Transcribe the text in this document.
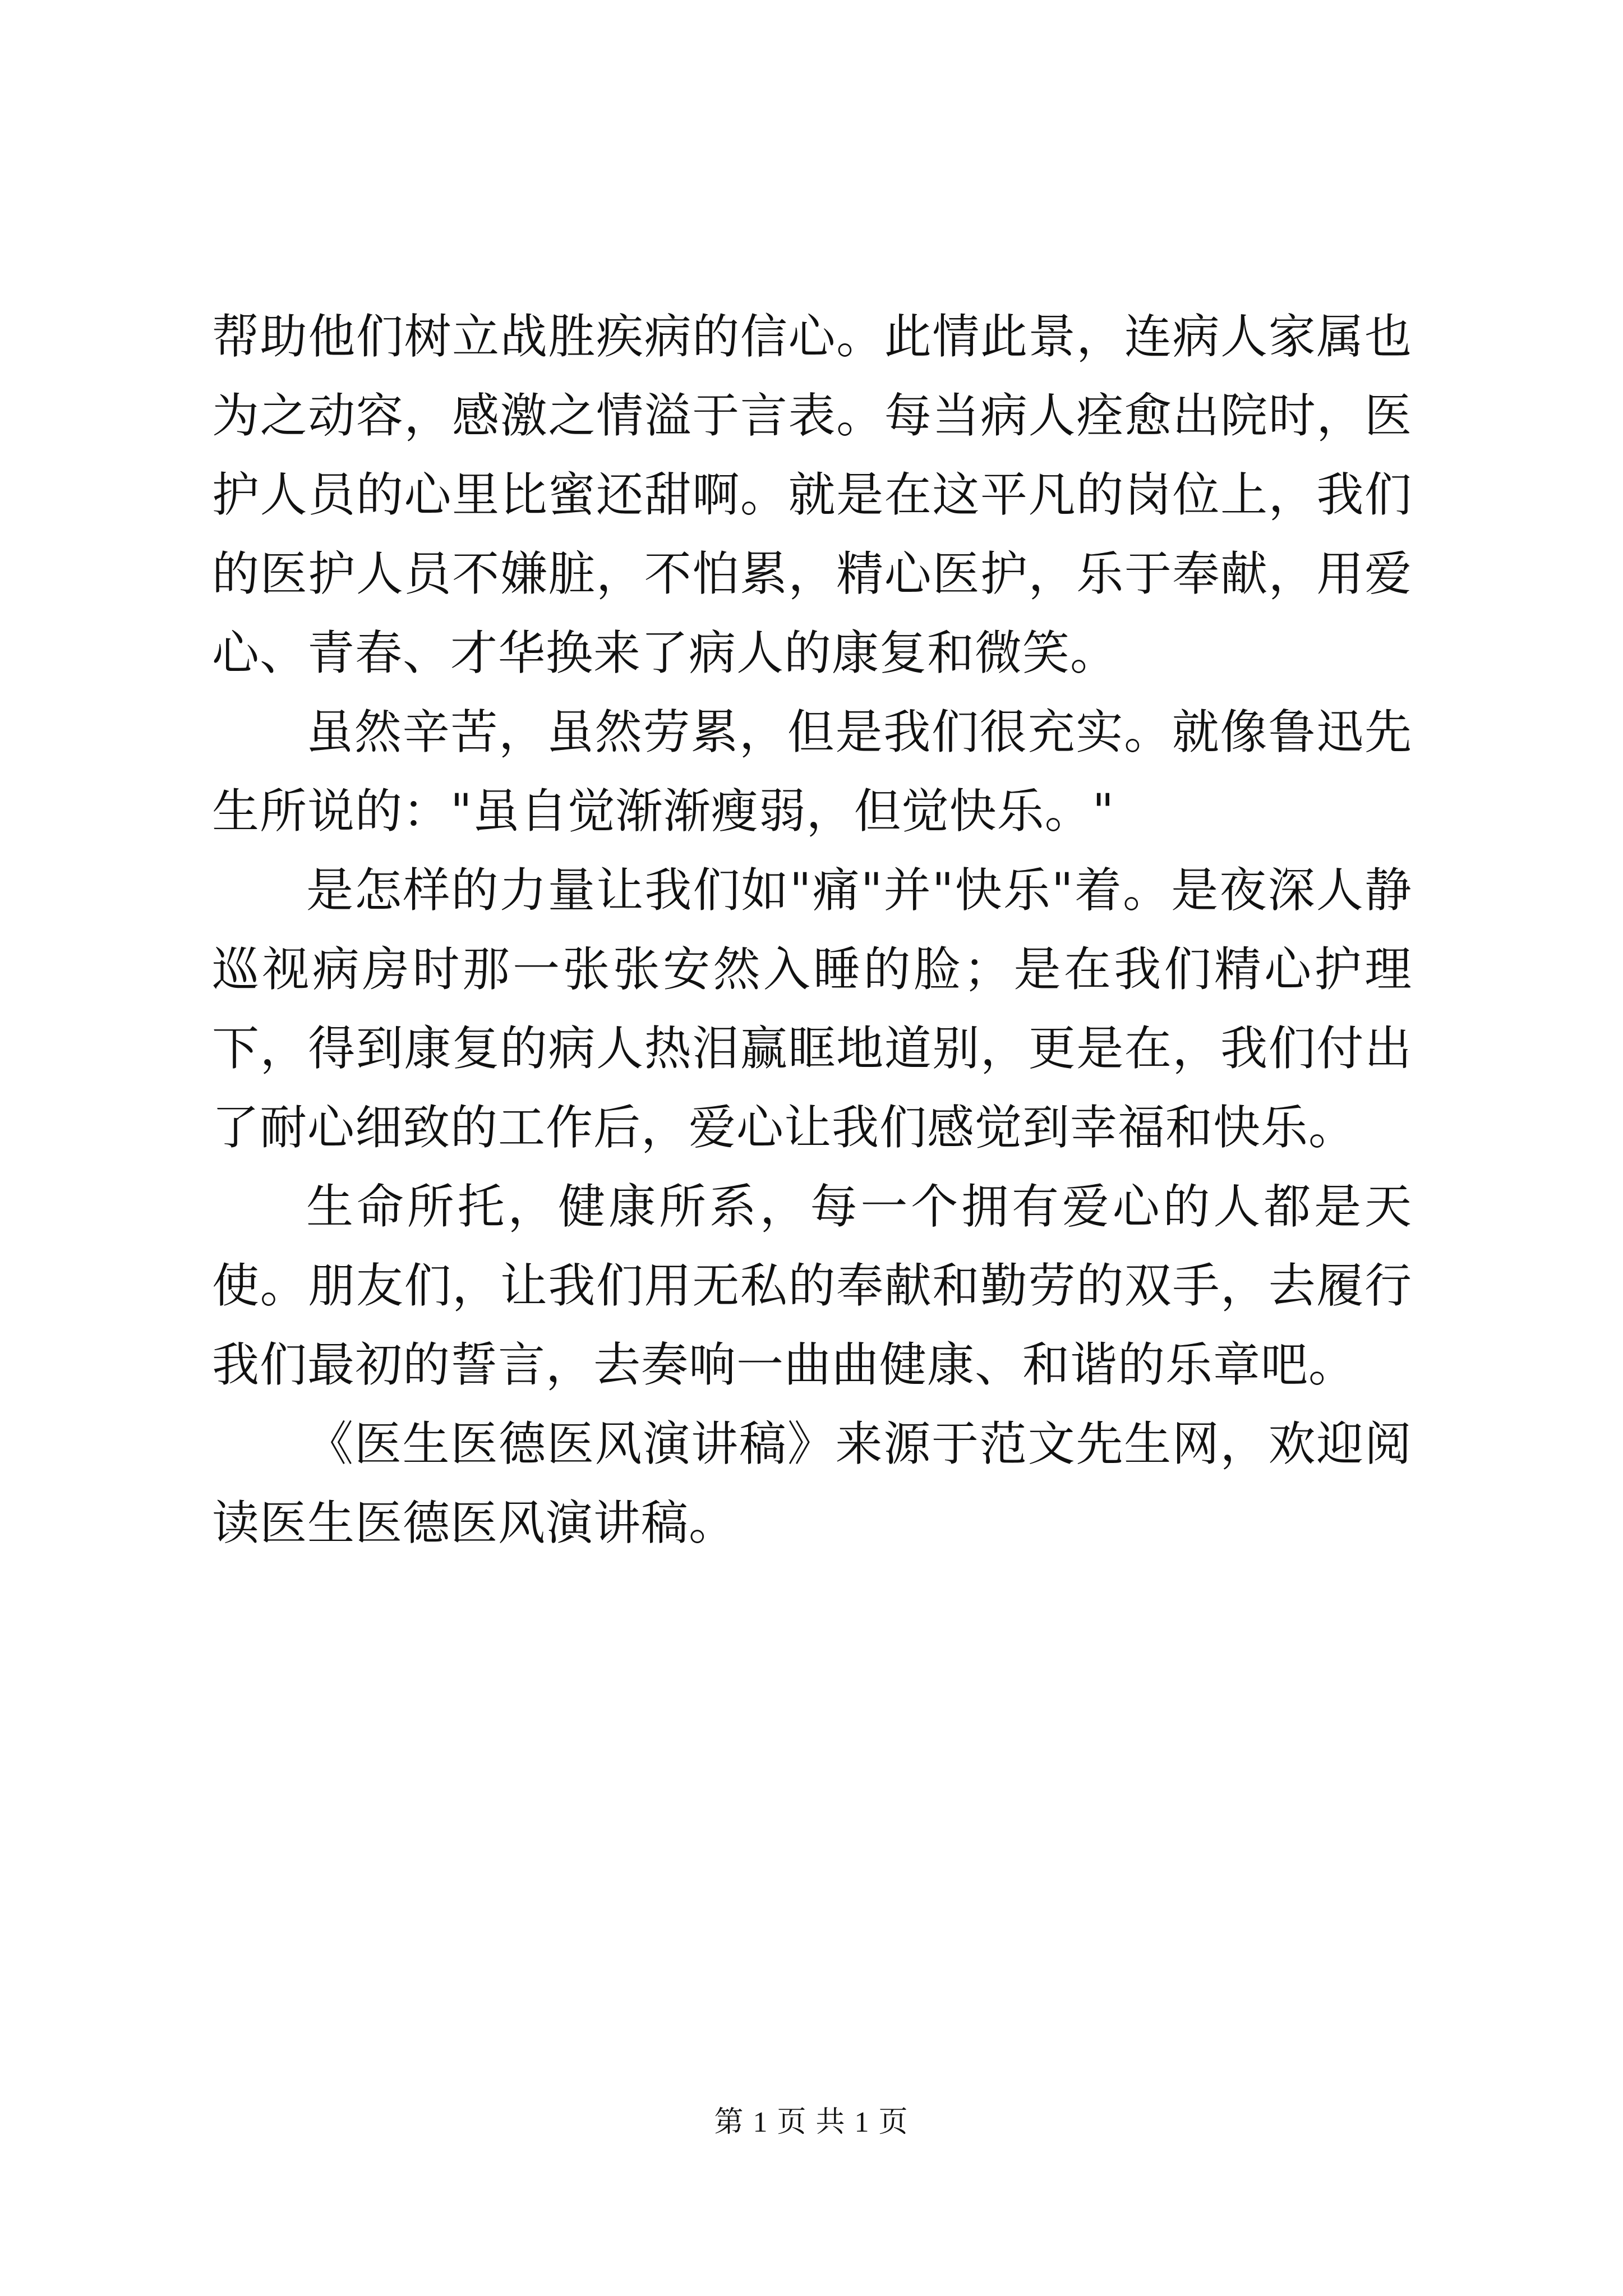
帮助他们树立战胜疾病的信心。此情此景，连病人家属也为之动容，感激之情溢于言表。每当病人痊愈出院时，医护人员的心里比蜜还甜啊。就是在这平凡的岗位上，我们的医护人员不嫌脏，不怕累，精心医护，乐于奉献，用爱心、青春、才华换来了病人的康复和微笑。

虽然辛苦，虽然劳累，但是我们很充实。就像鲁迅先生所说的："虽自觉渐渐瘦弱，但觉快乐。"

是怎样的力量让我们如"痛"并"快乐"着。是夜深人静巡视病房时那一张张安然入睡的脸；是在我们精心护理下，得到康复的病人热泪赢眶地道别，更是在，我们付出了耐心细致的工作后，爱心让我们感觉到幸福和快乐。

生命所托，健康所系，每一个拥有爱心的人都是天使。朋友们，让我们用无私的奉献和勤劳的双手，去履行我们最初的誓言，去奏响一曲曲健康、和谐的乐章吧。

《医生医德医风演讲稿》来源于范文先生网，欢迎阅读医生医德医风演讲稿。

第 1 页 共 1 页
